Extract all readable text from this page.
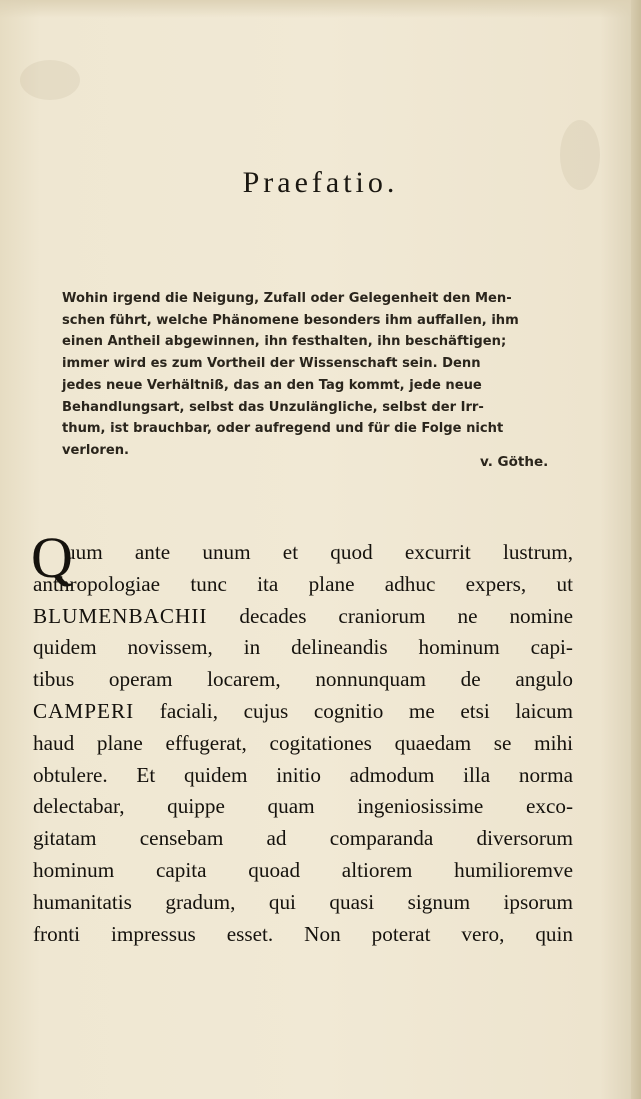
Praefatio.
Wohin irgend die Neigung, Zufall oder Gelegenheit den Men-
schen führt, welche Phänomene besonders ihm auffallen, ihm
einen Antheil abgewinnen, ihn festhalten, ihn beschäftigen;
immer wird es zum Vortheil der Wissenschaft sein. Denn
jedes neue Verhältniß, das an den Tag kommt, jede neue
Behandlungsart, selbst das Unzulängliche, selbst der Irr-
thum, ist brauchbar, oder aufregend und für die Folge nicht
verloren.
v. Göthe.
Q
uum ante unum et quod excurrit lustrum,
anthropologiae tunc ita plane adhuc expers, ut
BLUMENBACHII decades craniorum ne nomine
quidem novissem, in delineandis hominum capi-
tibus operam locarem, nonnunquam de angulo
CAMPERI faciali, cujus cognitio me etsi laicum
haud plane effugerat, cogitationes quaedam se mihi
obtulere. Et quidem initio admodum illa norma
delectabar, quippe quam ingeniosissime exco-
gitatam censebam ad comparanda diversorum
hominum capita quoad altiorem humilioremve
humanitatis gradum, qui quasi signum ipsorum
fronti impressus esset. Non poterat vero, quin
